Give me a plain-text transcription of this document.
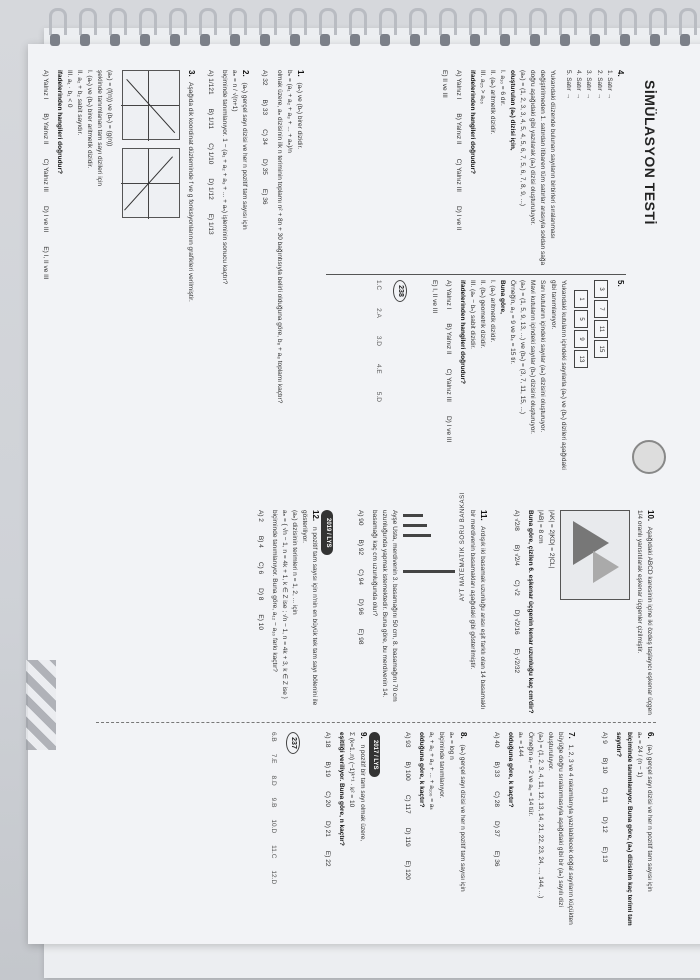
SİMÜLASYON TESTİ
4.
1. Satır →
2. Satır →
3. Satır →
4. Satır →
5. Satır →
Yukarıdaki düzende bulunan sayıların birbirleri sıralanması değiştirilmeden 1. satırdan itibaren tüm satırlar arasıyla soldan sağa doğru aşağıdaki gibi yazılarak (aₙ) dizisi oluşturuluyor.
(aₙ) = (1, 2, 3, 3, 4, 5, 4, 5, 6, 7, 5, 6, 7, 8, 9, ...)
oluşturulan (aₙ) dizisi için,
I. a₁₀ = 6 dır.
II. (aₙ) aritmetik dizidir.
III. a₂₅ > a₂₆
ifadelerinden hangileri doğrudur?
A) Yalnız I
B) Yalnız II
C) Yalnız III
D) I ve II
E) II ve III
5.
3
7
11
15
1
5
9
13
Yukarıdaki kutuların içindeki sayılarla (aₙ) ve (bₙ) dizileri aşağıdaki gibi tanımlanıyor.
Sarı kutuların içindeki sayılar (aₙ) dizisini oluşturuyor.
Mavi kutuların içindeki sayılar (bₙ) dizisini oluşturuyor.
(aₙ) = (1, 5, 9, 13, ...) ve (bₙ) = (3, 7, 11, 15, ...)
Örneğin, a₃ = 9 ve b₄ = 15 tir.
Buna göre,
I. (aₙ) aritmetik dizidir.
II. (bₙ) geometrik dizidir.
III. (aₙ − bₙ) sabit dizidir.
ifadelerinden hangileri doğrudur?
A) Yalnız I
B) Yalnız II
C) Yalnız III
D) I ve III
E) I, II ve III
238
1.C
2.A
3.D
4.E
5.D
1. (aₙ) ve (bₙ) birer dizidir.
bₙ = (a₁ + a₂ + a₃ + ... + aₙ)/n
olmak üzere, aₙ dizisinin ilk n teriminin toplamı n² + 8n + 30 bağıntısıyla belirli olduğuna göre, b₈ + a₈ toplamı kaçtır?
A) 32
B) 33
C) 34
D) 35
E) 36
2. (aₙ) gerçel sayı dizisi ve her n pozitif tam sayısı için
aₙ = n / √(n+1)
biçiminde tanımlanıyor. 1 − (a₁ + a₂ + a₃ + ... + aₙ) işleminin sonucu kaçtır?
A) 1/121
B) 1/11
C) 1/10
D) 1/12
E) 1/13
3. Aşağıda dik koordinat düzleminde f ve g fonksiyonlarının grafikleri verilmiştir.

(aₙ) = (f(n)) ve (bₙ) = (g(n))
şeklinde tanımlanan tam sayı dizileri için
I. (aₙ) ve (bₙ) birer aritmetik dizidir.
II. a₂ + b₂ sabit sayıdır.
III. a₁ · b₁ < 0
ifadelerinden hangileri doğrudur?
A) Yalnız I
B) Yalnız II
C) Yalnız III
D) I ve III
E) I, II ve III
AYT MATEMATİK SORU BANKASI	10. Aşağıdaki ABCD karesinin içine iki özdeş taşlayıcı eşkenar üçgen 1/4 oranlı yansıtılarak eşkenar üçgenler çizilmiştir.
|AK| = 2|KD| = 2|CL|
|AB| = 8 cm
Buna göre, çizilen 6. eşkenar üçgenin kenar uzunluğu kaç cm'dir?
A) √2/8
B) √2/4
C) √2
D) √2/16
E) √2/32
11. Ardışık iki basamak uzunluğu arası eşit farklı olan 14 basamaklı bir merdivenin basamakları aşağıdaki gibi gösterilmiştir.
Ayşe Usta, merdivenin 3. basamağını 50 cm, 8. basamağını 70 cm uzunluğunda yapmak istemektedir. Buna göre, bu merdivenin 14. basamağı kaç cm uzunluğunda olur?
A) 90
B) 92
C) 94
D) 96
E) 98
2019 / LYS
12. n pozitif tam sayısı için n'nin en büyük tek tam sayı bölenini ile gösteriliyor.
(aₙ) dizisinin terimleri n = 1, 2, ... için
aₙ = { √n − 1, n = 4k + 1, k ∈ Z ise ; √n − 1, n = 4k + 3, k ∈ Z ise }
biçiminde tanımlanıyor. Buna göre, a₁₂ − a₁₀ farkı kaçtır?
A) 2
B) 4
C) 6
D) 8
E) 10
6. (aₙ) gerçel sayı dizisi ve her n pozitif tam sayısı için
aₙ = 24 / (n − 1)
biçiminde tanımlanıyor. Buna göre, (aₙ) dizisinin kaç terimi tam sayıdır?
A) 9
B) 10
C) 11
D) 12
E) 13
7. 1, 2, 3 ve 4 rakamlarıyla yazılabilecek doğal sayıların küçükten büyüğe doğru sıralanmasıyla aşağıdaki gibi bir (aₙ) sayılı dizi oluşturuluyor.
(aₙ) = (1, 2, 3, 4, 11, 12, 13, 14, 21, 22, 23, 24, ..., 144, ...)
Örneğin a₇ = 2 ve a₈ = 14 tür.
aₖ = 144
olduğuna göre, k kaçtır?
A) 40
B) 33
C) 28
D) 37
E) 36
8. (aₙ) gerçel sayı dizisi ve her n pozitif tam sayısı için
aₙ = log n
biçiminde tanımlanıyor.
a₁ + a₂ + a₃ + ... + a₁₀₀ = aₖ
olduğuna göre, k kaçtır?
A) 93
B) 100
C) 117
D) 119
E) 120
2017 / LYS
9. n pozitif bir tam sayı olmak üzere,
Σ (k=1..n) (−1)ᵏ⁺¹ · k² = 10
eşitliği veriliyor. Buna göre, n kaçtır?
A) 18
B) 19
C) 20
D) 21
E) 22
237
6.B
7.E
8.D
9.B
10.D
11.C
12.D
